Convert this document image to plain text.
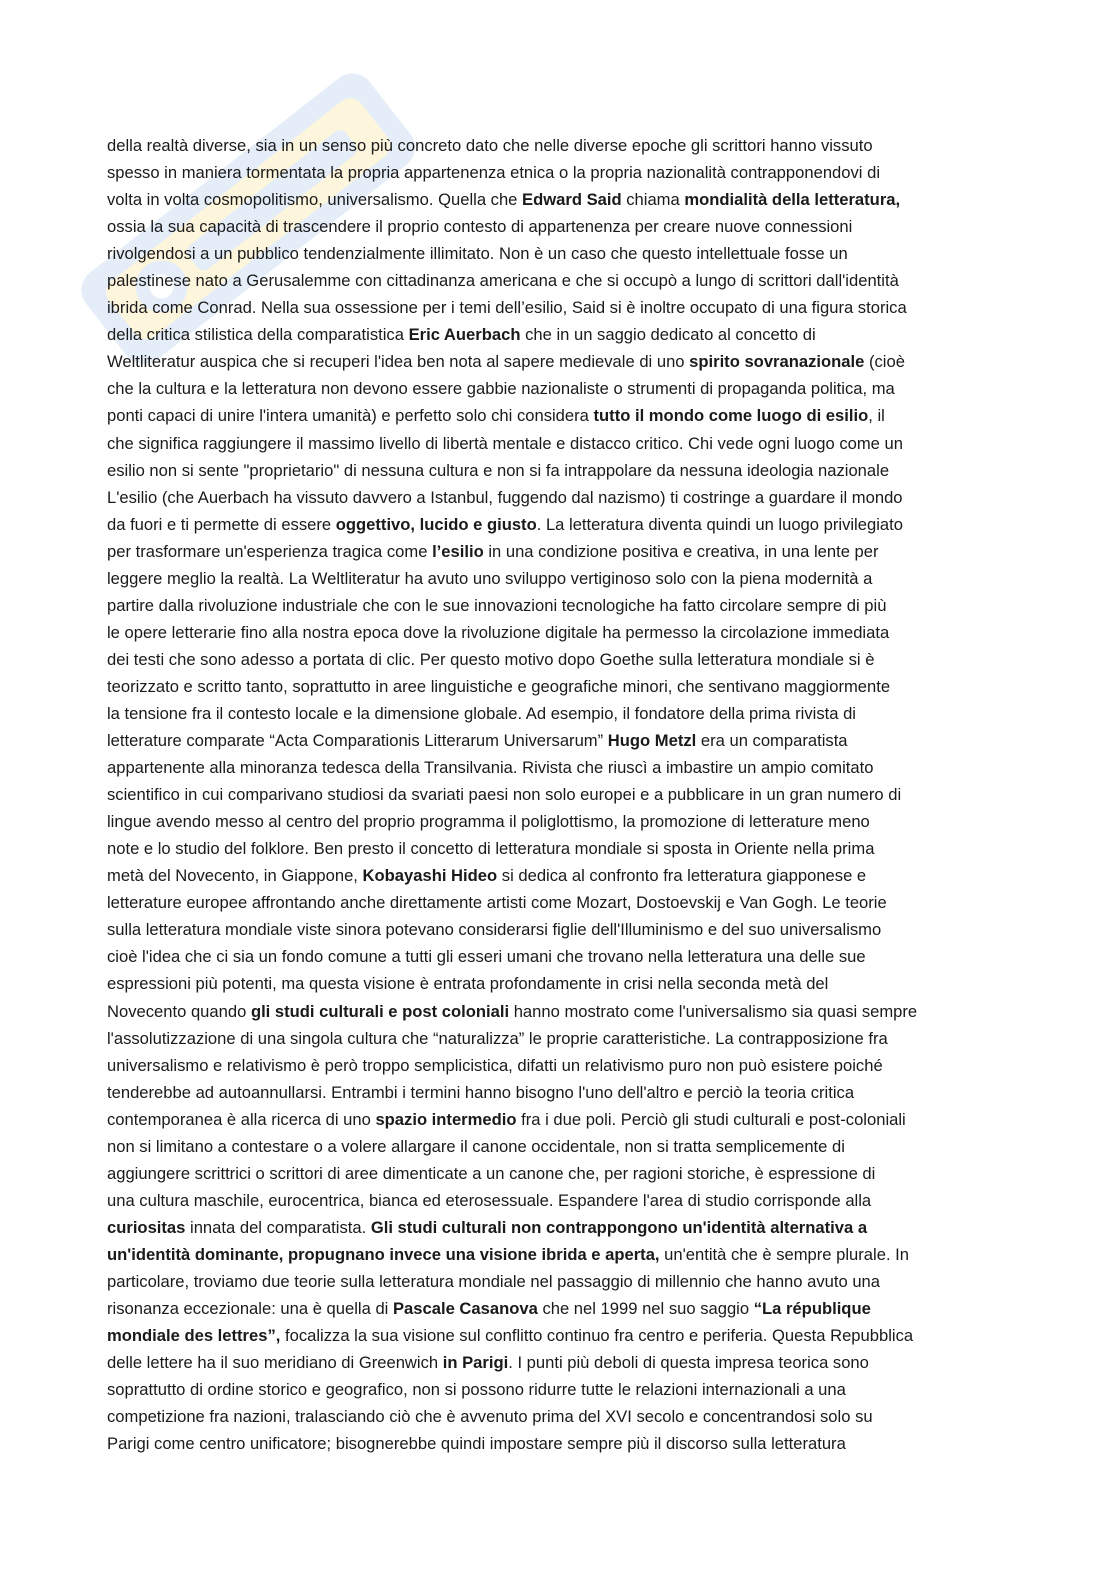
della realtà diverse, sia in un senso più concreto dato che nelle diverse epoche gli scrittori hanno vissuto
spesso in maniera tormentata la propria appartenenza etnica o la propria nazionalità contrapponendovi di
volta in volta cosmopolitismo, universalismo. Quella che Edward Said chiama mondialità della letteratura,
ossia la sua capacità di trascendere il proprio contesto di appartenenza per creare nuove connessioni
rivolgendosi a un pubblico tendenzialmente illimitato. Non è un caso che questo intellettuale fosse un
palestinese nato a Gerusalemme con cittadinanza americana e che si occupò a lungo di scrittori dall'identità
ibrida come Conrad. Nella sua ossessione per i temi dell’esilio, Said si è inoltre occupato di una figura storica
della critica stilistica della comparatistica Eric Auerbach che in un saggio dedicato al concetto di
Weltliteratur auspica che si recuperi l'idea ben nota al sapere medievale di uno spirito sovranazionale (cioè
che la cultura e la letteratura non devono essere gabbie nazionaliste o strumenti di propaganda politica, ma
ponti capaci di unire l'intera umanità) e perfetto solo chi considera tutto il mondo come luogo di esilio, il
che significa raggiungere il massimo livello di libertà mentale e distacco critico. Chi vede ogni luogo come un
esilio non si sente "proprietario" di nessuna cultura e non si fa intrappolare da nessuna ideologia nazionale
L'esilio (che Auerbach ha vissuto davvero a Istanbul, fuggendo dal nazismo) ti costringe a guardare il mondo
da fuori e ti permette di essere oggettivo, lucido e giusto. La letteratura diventa quindi un luogo privilegiato
per trasformare un'esperienza tragica come l’esilio in una condizione positiva e creativa, in una lente per
leggere meglio la realtà. La Weltliteratur ha avuto uno sviluppo vertiginoso solo con la piena modernità a
partire dalla rivoluzione industriale che con le sue innovazioni tecnologiche ha fatto circolare sempre di più
le opere letterarie fino alla nostra epoca dove la rivoluzione digitale ha permesso la circolazione immediata
dei testi che sono adesso a portata di clic. Per questo motivo dopo Goethe sulla letteratura mondiale si è
teorizzato e scritto tanto, soprattutto in aree linguistiche e geografiche minori, che sentivano maggiormente
la tensione fra il contesto locale e la dimensione globale. Ad esempio, il fondatore della prima rivista di
letterature comparate “Acta Comparationis Litterarum Universarum” Hugo Metzl era un comparatista
appartenente alla minoranza tedesca della Transilvania. Rivista che riuscì a imbastire un ampio comitato
scientifico in cui comparivano studiosi da svariati paesi non solo europei e a pubblicare in un gran numero di
lingue avendo messo al centro del proprio programma il poliglottismo, la promozione di letterature meno
note e lo studio del folklore. Ben presto il concetto di letteratura mondiale si sposta in Oriente nella prima
metà del Novecento, in Giappone, Kobayashi Hideo si dedica al confronto fra letteratura giapponese e
letterature europee affrontando anche direttamente artisti come Mozart, Dostoevskij e Van Gogh. Le teorie
sulla letteratura mondiale viste sinora potevano considerarsi figlie dell'Illuminismo e del suo universalismo
cioè l'idea che ci sia un fondo comune a tutti gli esseri umani che trovano nella letteratura una delle sue
espressioni più potenti, ma questa visione è entrata profondamente in crisi nella seconda metà del
Novecento quando gli studi culturali e post coloniali hanno mostrato come l'universalismo sia quasi sempre
l'assolutizzazione di una singola cultura che “naturalizza” le proprie caratteristiche. La contrapposizione fra
universalismo e relativismo è però troppo semplicistica, difatti un relativismo puro non può esistere poiché
tenderebbe ad autoannullarsi. Entrambi i termini hanno bisogno l'uno dell'altro e perciò la teoria critica
contemporanea è alla ricerca di uno spazio intermedio fra i due poli. Perciò gli studi culturali e post-coloniali
non si limitano a contestare o a volere allargare il canone occidentale, non si tratta semplicemente di
aggiungere scrittrici o scrittori di aree dimenticate a un canone che, per ragioni storiche, è espressione di
una cultura maschile, eurocentrica, bianca ed eterosessuale. Espandere l'area di studio corrisponde alla
curiositas innata del comparatista. Gli studi culturali non contrappongono un'identità alternativa a
un'identità dominante, propugnano invece una visione ibrida e aperta, un'entità che è sempre plurale. In
particolare, troviamo due teorie sulla letteratura mondiale nel passaggio di millennio che hanno avuto una
risonanza eccezionale: una è quella di Pascale Casanova che nel 1999 nel suo saggio “La république
mondiale des lettres”, focalizza la sua visione sul conflitto continuo fra centro e periferia. Questa Repubblica
delle lettere ha il suo meridiano di Greenwich in Parigi. I punti più deboli di questa impresa teorica sono
soprattutto di ordine storico e geografico, non si possono ridurre tutte le relazioni internazionali a una
competizione fra nazioni, tralasciando ciò che è avvenuto prima del XVI secolo e concentrandosi solo su
Parigi come centro unificatore; bisognerebbe quindi impostare sempre più il discorso sulla letteratura
